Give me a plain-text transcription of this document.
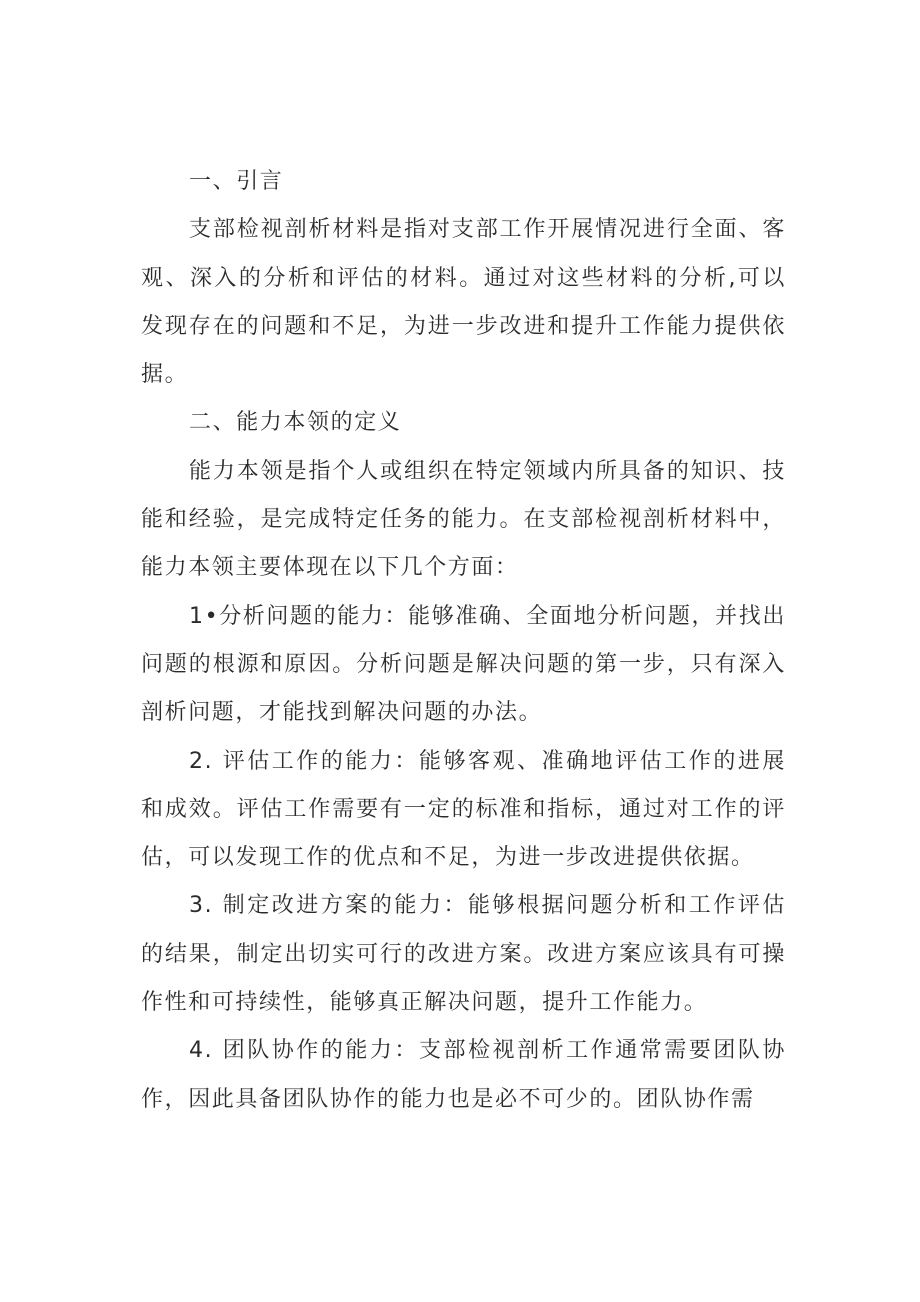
一、引言

支部检视剖析材料是指对支部工作开展情况进行全面、客观、深入的分析和评估的材料。通过对这些材料的分析,可以发现存在的问题和不足，为进一步改进和提升工作能力提供依据。

二、能力本领的定义

能力本领是指个人或组织在特定领域内所具备的知识、技能和经验，是完成特定任务的能力。在支部检视剖析材料中，能力本领主要体现在以下几个方面：

1•分析问题的能力：能够准确、全面地分析问题，并找出问题的根源和原因。分析问题是解决问题的第一步，只有深入剖析问题，才能找到解决问题的办法。

2. 评估工作的能力：能够客观、准确地评估工作的进展和成效。评估工作需要有一定的标准和指标，通过对工作的评估，可以发现工作的优点和不足，为进一步改进提供依据。

3. 制定改进方案的能力：能够根据问题分析和工作评估的结果，制定出切实可行的改进方案。改进方案应该具有可操作性和可持续性，能够真正解决问题，提升工作能力。

4. 团队协作的能力：支部检视剖析工作通常需要团队协作，因此具备团队协作的能力也是必不可少的。团队协作需
